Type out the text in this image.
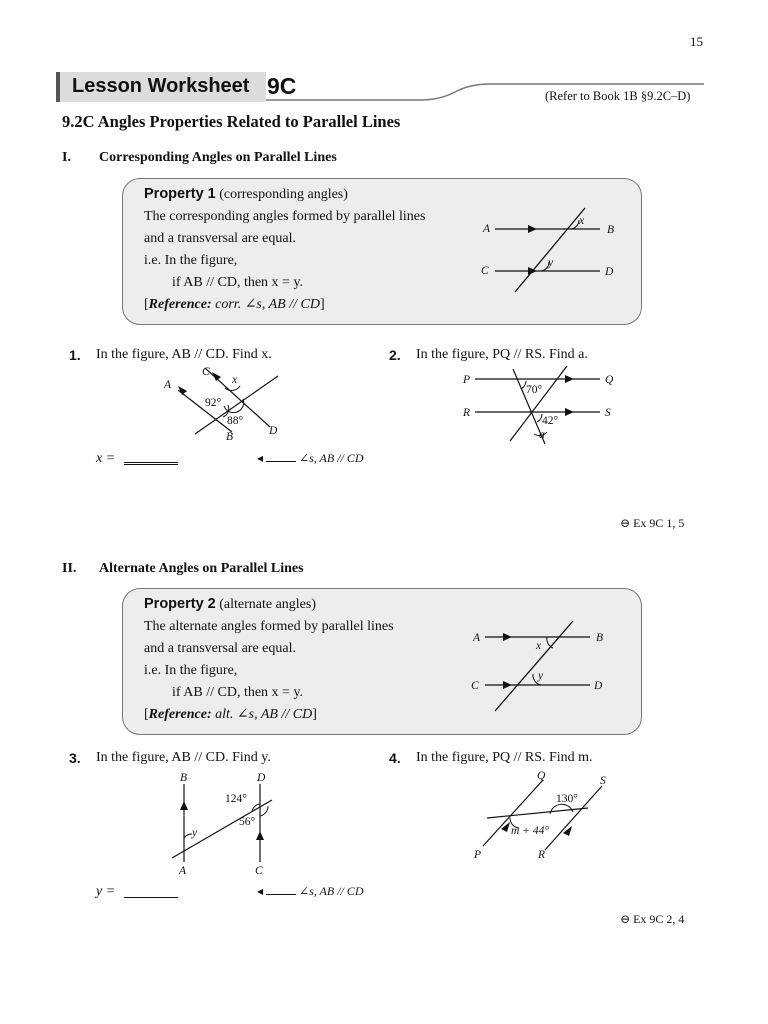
15
Lesson Worksheet 9C	(Refer to Book 1B §9.2C–D)
9.2C Angles Properties Related to Parallel Lines
I. Corresponding Angles on Parallel Lines
Property 1 (corresponding angles)
The corresponding angles formed by parallel lines
and a transversal are equal.
i.e. In the figure,
if AB // CD, then x = y.
[Reference: corr. ∠s, AB // CD]
A	B
C	D
x
y
1. In the figure, AB // CD. Find x.
A
B
C
D
x
92°
88°
x =	◂	∠s, AB // CD
2. In the figure, PQ // RS. Find a.
P	Q
R	S
70°
42°
a
⊖ Ex 9C 1, 5
II. Alternate Angles on Parallel Lines
Property 2 (alternate angles)
The alternate angles formed by parallel lines
and a transversal are equal.
i.e. In the figure,
if AB // CD, then x = y.
[Reference: alt. ∠s, AB // CD]
A	B
C	D
x
y
3. In the figure, AB // CD. Find y.
B	D
A	C
y
124°
56°
y =	◂	∠s, AB // CD
4. In the figure, PQ // RS. Find m.
Q	S
P	R
130°
m + 44°
⊖ Ex 9C 2, 4
